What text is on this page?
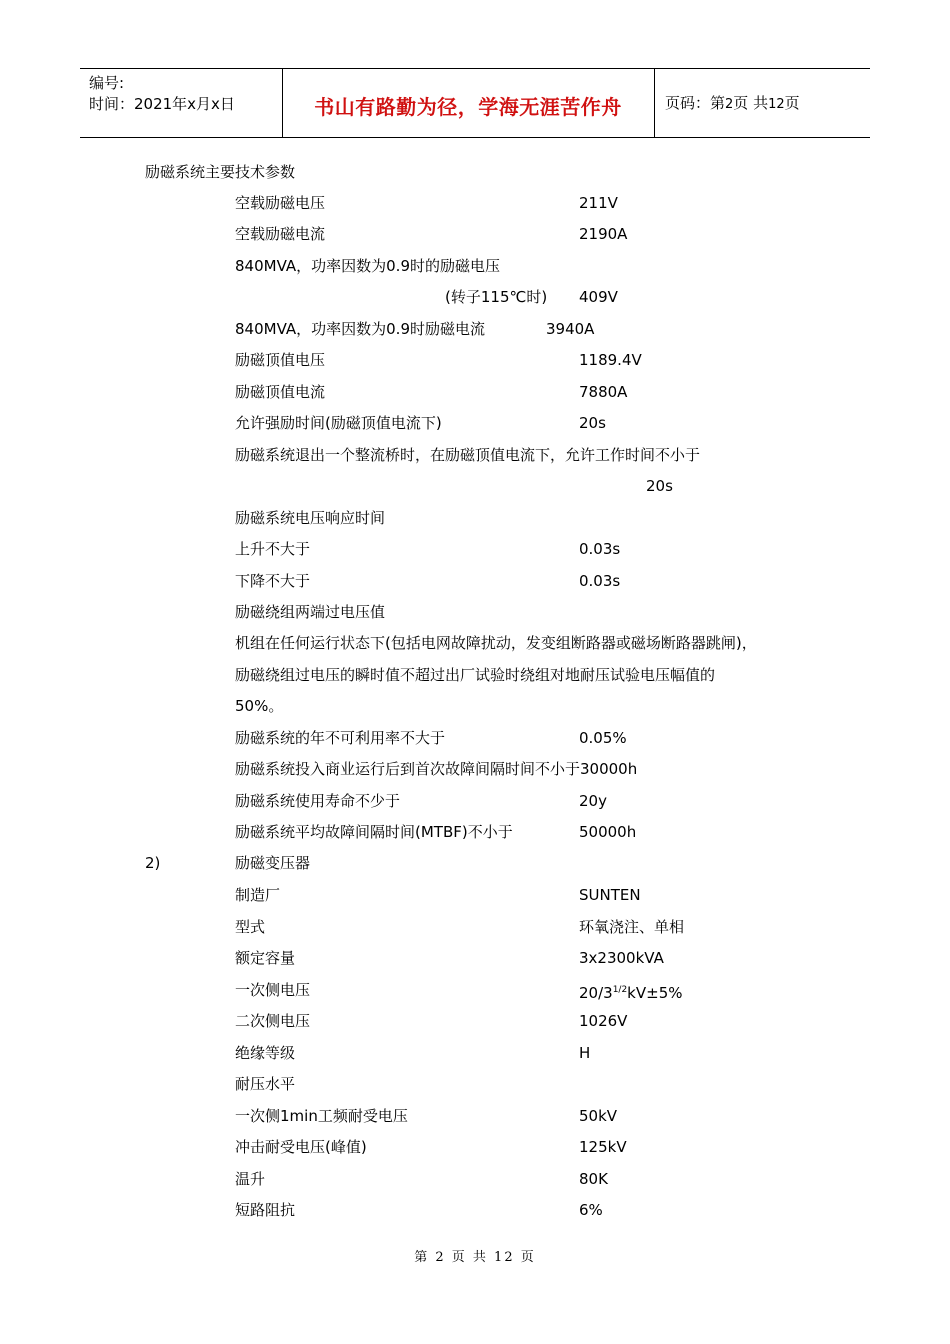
编号:
时间：2021年x月x日	书山有路勤为径，学海无涯苦作舟	页码：第2页 共12页
励磁系统主要技术参数
空载励磁电压	211V
空载励磁电流	2190A
840MVA，功率因数为0.9时的励磁电压
(转子115℃时) 409V
840MVA，功率因数为0.9时励磁电流	3940A
励磁顶值电压	1189.4V
励磁顶值电流	7880A
允许强励时间(励磁顶值电流下)	20s
励磁系统退出一个整流桥时，在励磁顶值电流下，允许工作时间不小于
20s
励磁系统电压响应时间
上升不大于	0.03s
下降不大于	0.03s
励磁绕组两端过电压值
机组在任何运行状态下(包括电网故障扰动，发变组断路器或磁场断路器跳闸)，
励磁绕组过电压的瞬时值不超过出厂试验时绕组对地耐压试验电压幅值的
50%。
励磁系统的年不可利用率不大于	0.05%
励磁系统投入商业运行后到首次故障间隔时间不小于30000h
励磁系统使用寿命不少于	20y
励磁系统平均故障间隔时间(MTBF)不小于	50000h
2)	励磁变压器
制造厂	SUNTEN
型式	环氧浇注、单相
额定容量	3x2300kVA
一次侧电压	$20/3^{1/2}kV\pm 5\%$
二次侧电压	1026V
绝缘等级	H
耐压水平
一次侧1min工频耐受电压	50kV
冲击耐受电压(峰值)	125kV
温升	80K
短路阻抗	6%
第 2 页 共 12 页
